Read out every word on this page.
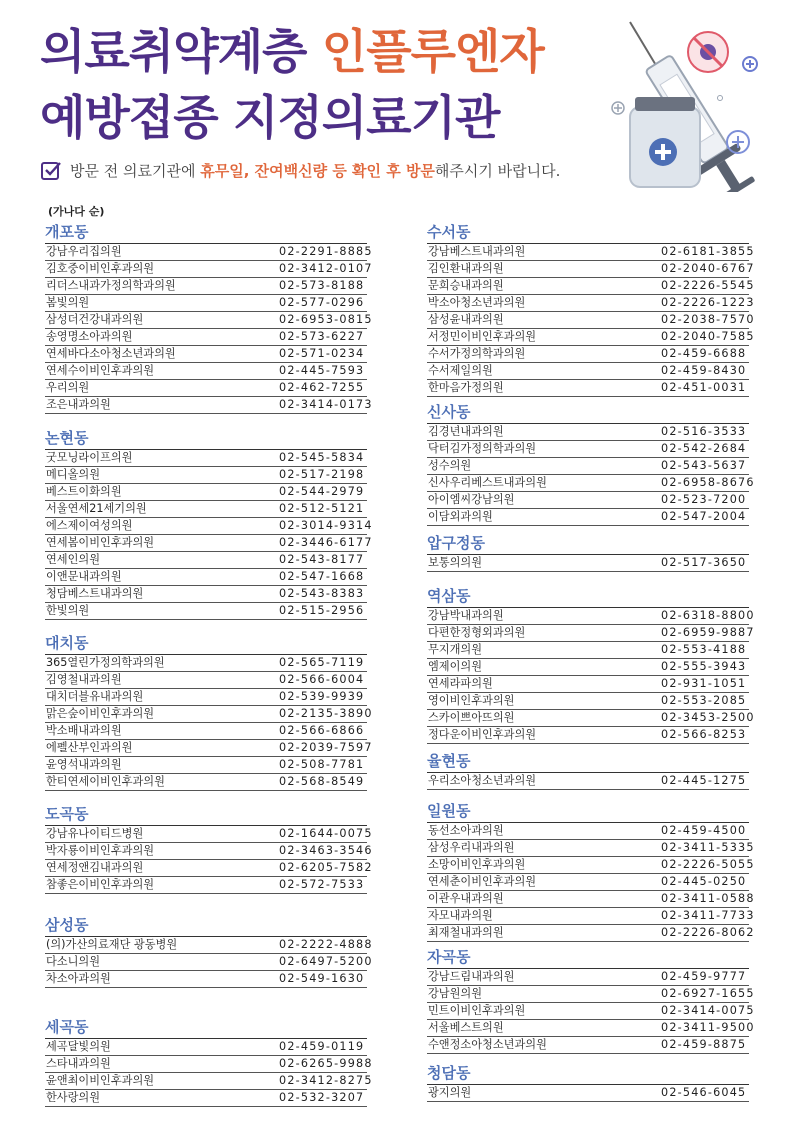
의료취약계층 인플루엔자
예방접종 지정의료기관
방문 전 의료기관에
휴무일, 잔여백신량 등 확인 후 방문 해주시기 바랍니다.
(가나다 순)
개포동
강남우리집의원	02-2291-8885
김호중이비인후과의원	02-3412-0107
리더스내과가정의학과의원	02-573-8188
봄빛의원	02-577-0296
삼성더건강내과의원	02-6953-0815
송영명소아과의원	02-573-6227
연세바다소아청소년과의원	02-571-0234
연세수이비인후과의원	02-445-7593
우리의원	02-462-7255
조은내과의원	02-3414-0173
논현동
굿모닝라이프의원	02-545-5834
메디올의원	02-517-2198
베스트이화의원	02-544-2979
서울연세21세기의원	02-512-5121
에스제이여성의원	02-3014-9314
연세봄이비인후과의원	02-3446-6177
연세인의원	02-543-8177
이앤문내과의원	02-547-1668
청담베스트내과의원	02-543-8383
한빛의원	02-515-2956
대치동
365열린가정의학과의원	02-565-7119
김영철내과의원	02-566-6004
대치더블유내과의원	02-539-9939
맑은숲이비인후과의원	02-2135-3890
박소배내과의원	02-566-6866
에펠산부인과의원	02-2039-7597
윤영석내과의원	02-508-7781
한티연세이비인후과의원	02-568-8549
도곡동
강남유나이티드병원	02-1644-0075
박자룡이비인후과의원	02-3463-3546
연세정앤김내과의원	02-6205-7582
참좋은이비인후과의원	02-572-7533
삼성동
(의)가산의료재단 광동병원	02-2222-4888
다소니의원	02-6497-5200
차소아과의원	02-549-1630
세곡동
세곡달빛의원	02-459-0119
스타내과의원	02-6265-9988
윤앤최이비인후과의원	02-3412-8275
한사랑의원	02-532-3207
수서동
강남베스트내과의원	02-6181-3855
김인환내과의원	02-2040-6767
문희승내과의원	02-2226-5545
박소아청소년과의원	02-2226-1223
삼성윤내과의원	02-2038-7570
서정민이비인후과의원	02-2040-7585
수서가정의학과의원	02-459-6688
수서제일의원	02-459-8430
한마음가정의원	02-451-0031
신사동
김경년내과의원	02-516-3533
닥터김가정의학과의원	02-542-2684
성수의원	02-543-5637
신사우리베스트내과의원	02-6958-8676
아이엠씨강남의원	02-523-7200
이담외과의원	02-547-2004
압구정동
보통의의원	02-517-3650
역삼동
강남박내과의원	02-6318-8800
다편한정형외과의원	02-6959-9887
무지개의원	02-553-4188
엠제이의원	02-555-3943
연세라파의원	02-931-1051
영이비인후과의원	02-553-2085
스카이쁘아뜨의원	02-3453-2500
정다운이비인후과의원	02-566-8253
율현동
우리소아청소년과의원	02-445-1275
일원동
동선소아과의원	02-459-4500
삼성우리내과의원	02-3411-5335
소망이비인후과의원	02-2226-5055
연세춘이비인후과의원	02-445-0250
이관우내과의원	02-3411-0588
자모내과의원	02-3411-7733
최재철내과의원	02-2226-8062
자곡동
강남드림내과의원	02-459-9777
강남원의원	02-6927-1655
민트이비인후과의원	02-3414-0075
서울베스트의원	02-3411-9500
수앤정소아청소년과의원	02-459-8875
청담동
광지의원	02-546-6045
